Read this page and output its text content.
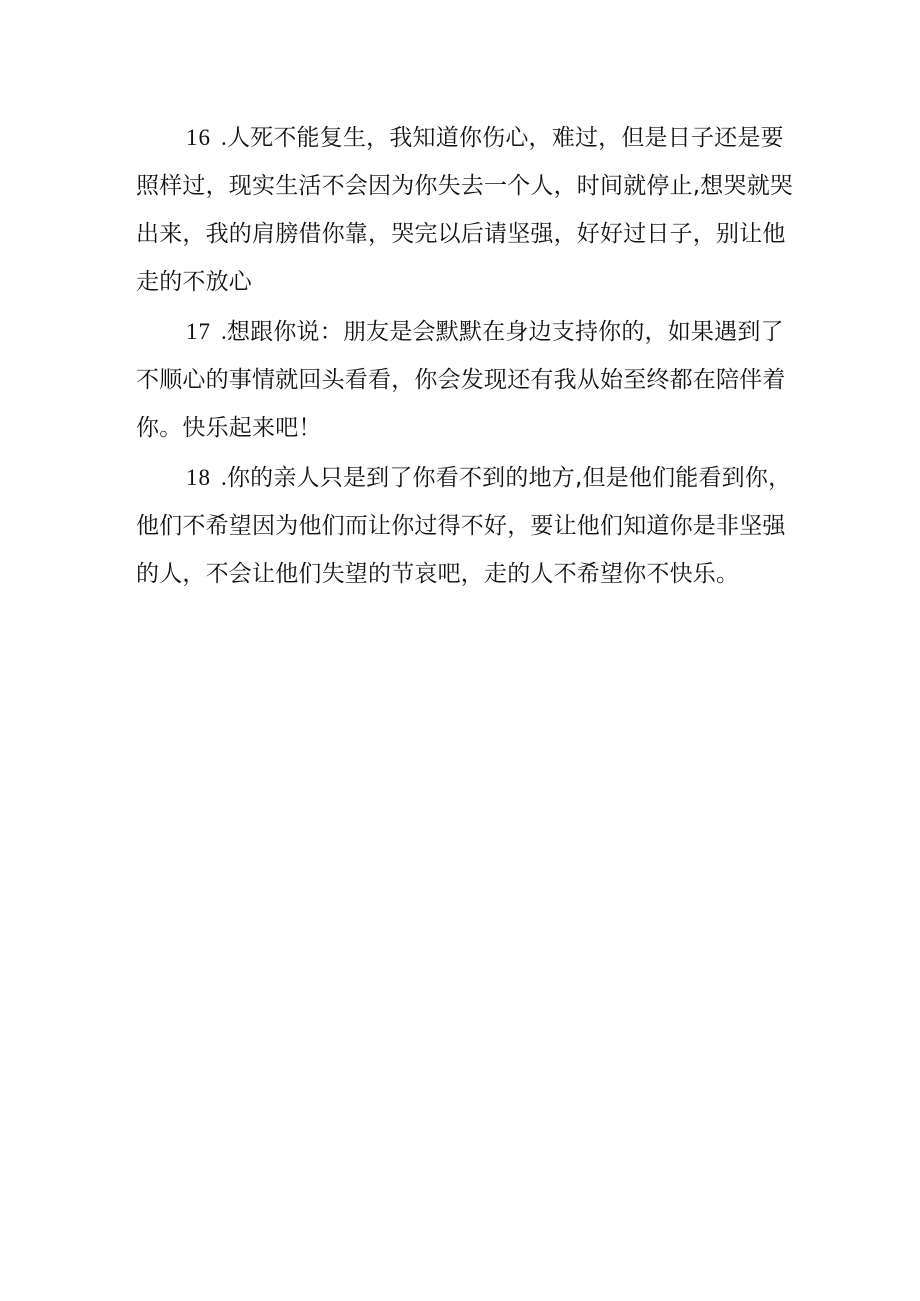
16 .人死不能复生，我知道你伤心，难过，但是日子还是要照样过，现实生活不会因为你失去一个人，时间就停止,想哭就哭出来，我的肩膀借你靠，哭完以后请坚强，好好过日子，别让他走的不放心

17 .想跟你说：朋友是会默默在身边支持你的，如果遇到了不顺心的事情就回头看看，你会发现还有我从始至终都在陪伴着你。快乐起来吧！

18 .你的亲人只是到了你看不到的地方,但是他们能看到你，他们不希望因为他们而让你过得不好，要让他们知道你是非坚强的人，不会让他们失望的节哀吧，走的人不希望你不快乐。
